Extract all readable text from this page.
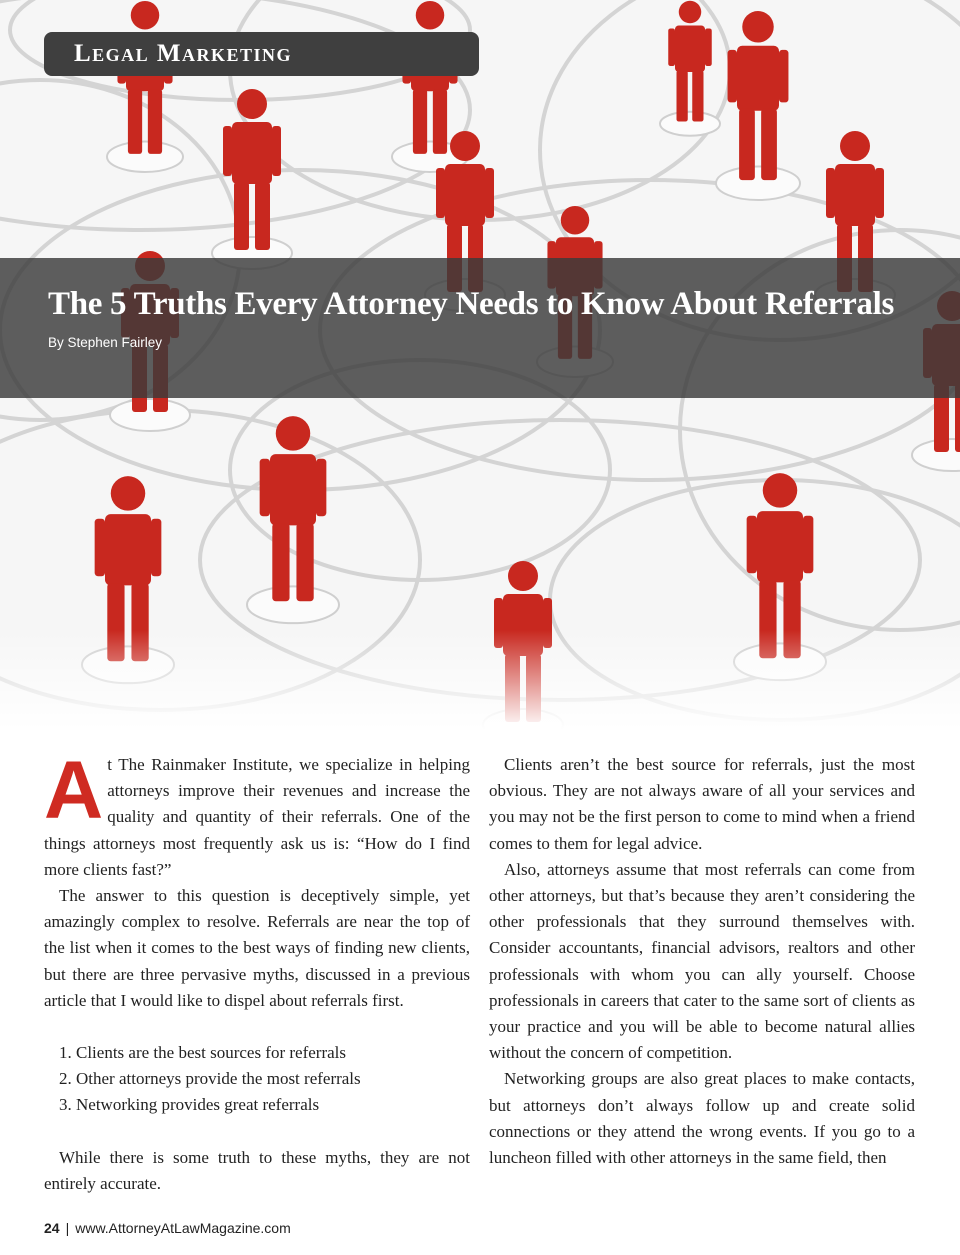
Legal Marketing
The 5 Truths Every Attorney Needs to Know About Referrals
By Stephen Fairley

At The Rainmaker Institute, we specialize in helping attorneys improve their revenues and increase the quality and quantity of their referrals. One of the things attorneys most frequently ask us is: “How do I find more clients fast?”

The answer to this question is deceptively simple, yet amazingly complex to resolve. Referrals are near the top of the list when it comes to the best ways of finding new clients, but there are three pervasive myths, discussed in a previous article that I would like to dispel about referrals first.

1. Clients are the best sources for referrals
2. Other attorneys provide the most referrals
3. Networking provides great referrals

While there is some truth to these myths, they are not entirely accurate.

Clients aren’t the best source for referrals, just the most obvious. They are not always aware of all your services and you may not be the first person to come to mind when a friend comes to them for legal advice.

Also, attorneys assume that most referrals can come from other attorneys, but that’s because they aren’t considering the other professionals that they surround themselves with. Consider accountants, financial advisors, realtors and other professionals with whom you can ally yourself. Choose professionals in careers that cater to the same sort of clients as your practice and you will be able to become natural allies without the concern of competition.

Networking groups are also great places to make contacts, but attorneys don’t always follow up and create solid connections or they attend the wrong events. If you go to a luncheon filled with other attorneys in the same field, then

24 | www.AttorneyAtLawMagazine.com
